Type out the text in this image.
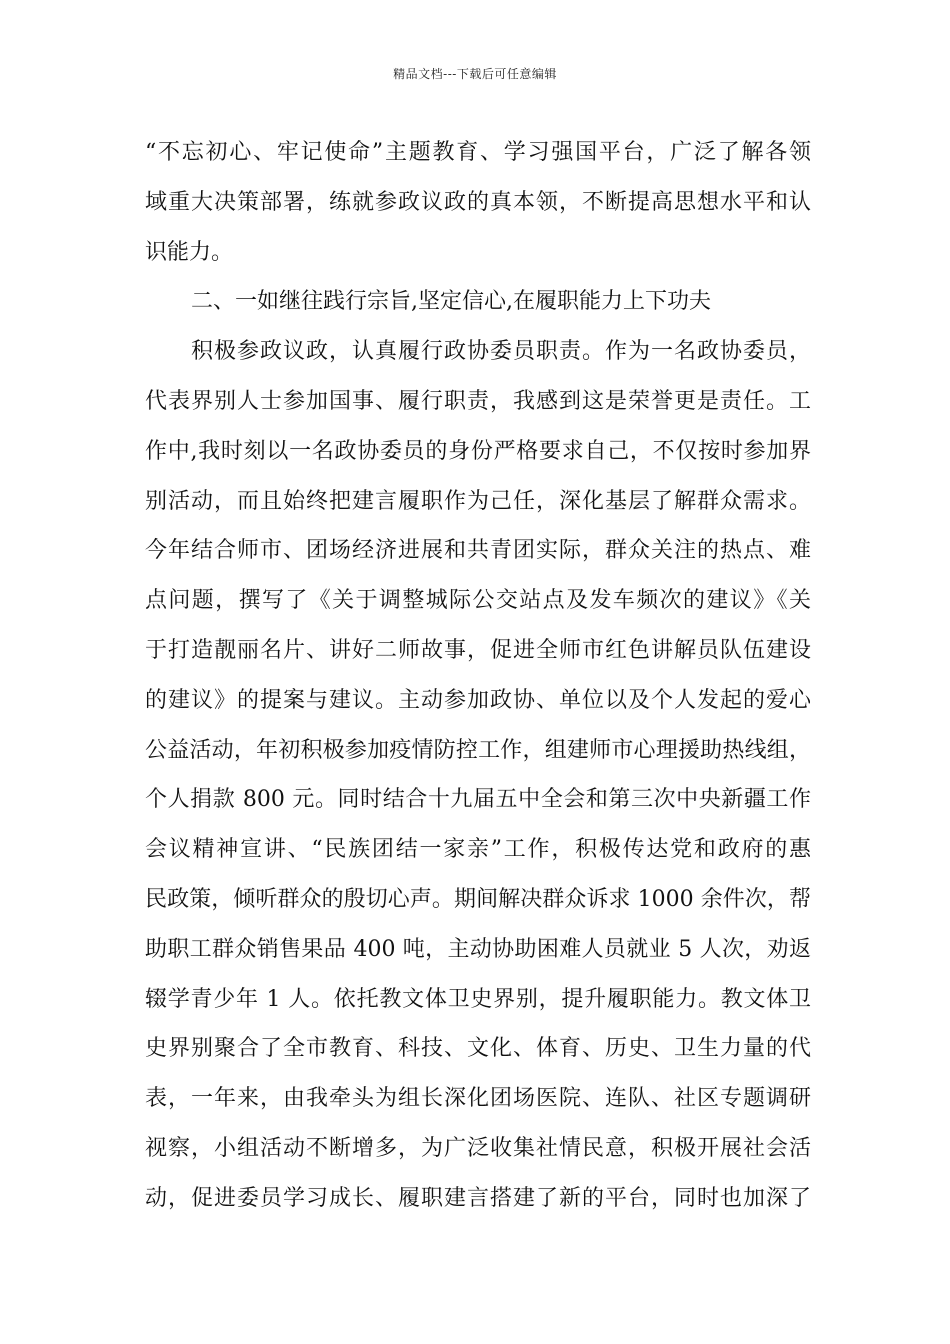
精品文档---下载后可任意编辑
“不忘初心、牢记使命”主题教育、学习强国平台，广泛了解各领
域重大决策部署，练就参政议政的真本领，不断提高思想水平和认
识能力。
二、一如继往践行宗旨,坚定信心,在履职能力上下功夫
积极参政议政，认真履行政协委员职责。作为一名政协委员，
代表界别人士参加国事、履行职责，我感到这是荣誉更是责任。工
作中,我时刻以一名政协委员的身份严格要求自己，不仅按时参加界
别活动，而且始终把建言履职作为己任，深化基层了解群众需求。
今年结合师市、团场经济进展和共青团实际，群众关注的热点、难
点问题，撰写了《关于调整城际公交站点及发车频次的建议》《关
于打造靓丽名片、讲好二师故事，促进全师市红色讲解员队伍建设
的建议》的提案与建议。主动参加政协、单位以及个人发起的爱心
公益活动，年初积极参加疫情防控工作，组建师市心理援助热线组，
个人捐款 800 元。同时结合十九届五中全会和第三次中央新疆工作
会议精神宣讲、“民族团结一家亲”工作，积极传达党和政府的惠
民政策，倾听群众的殷切心声。期间解决群众诉求 1000 余件次，帮
助职工群众销售果品 400 吨，主动协助困难人员就业 5 人次，劝返
辍学青少年 1 人。依托教文体卫史界别，提升履职能力。教文体卫
史界别聚合了全市教育、科技、文化、体育、历史、卫生力量的代
表，一年来，由我牵头为组长深化团场医院、连队、社区专题调研
视察，小组活动不断增多，为广泛收集社情民意，积极开展社会活
动，促进委员学习成长、履职建言搭建了新的平台，同时也加深了
